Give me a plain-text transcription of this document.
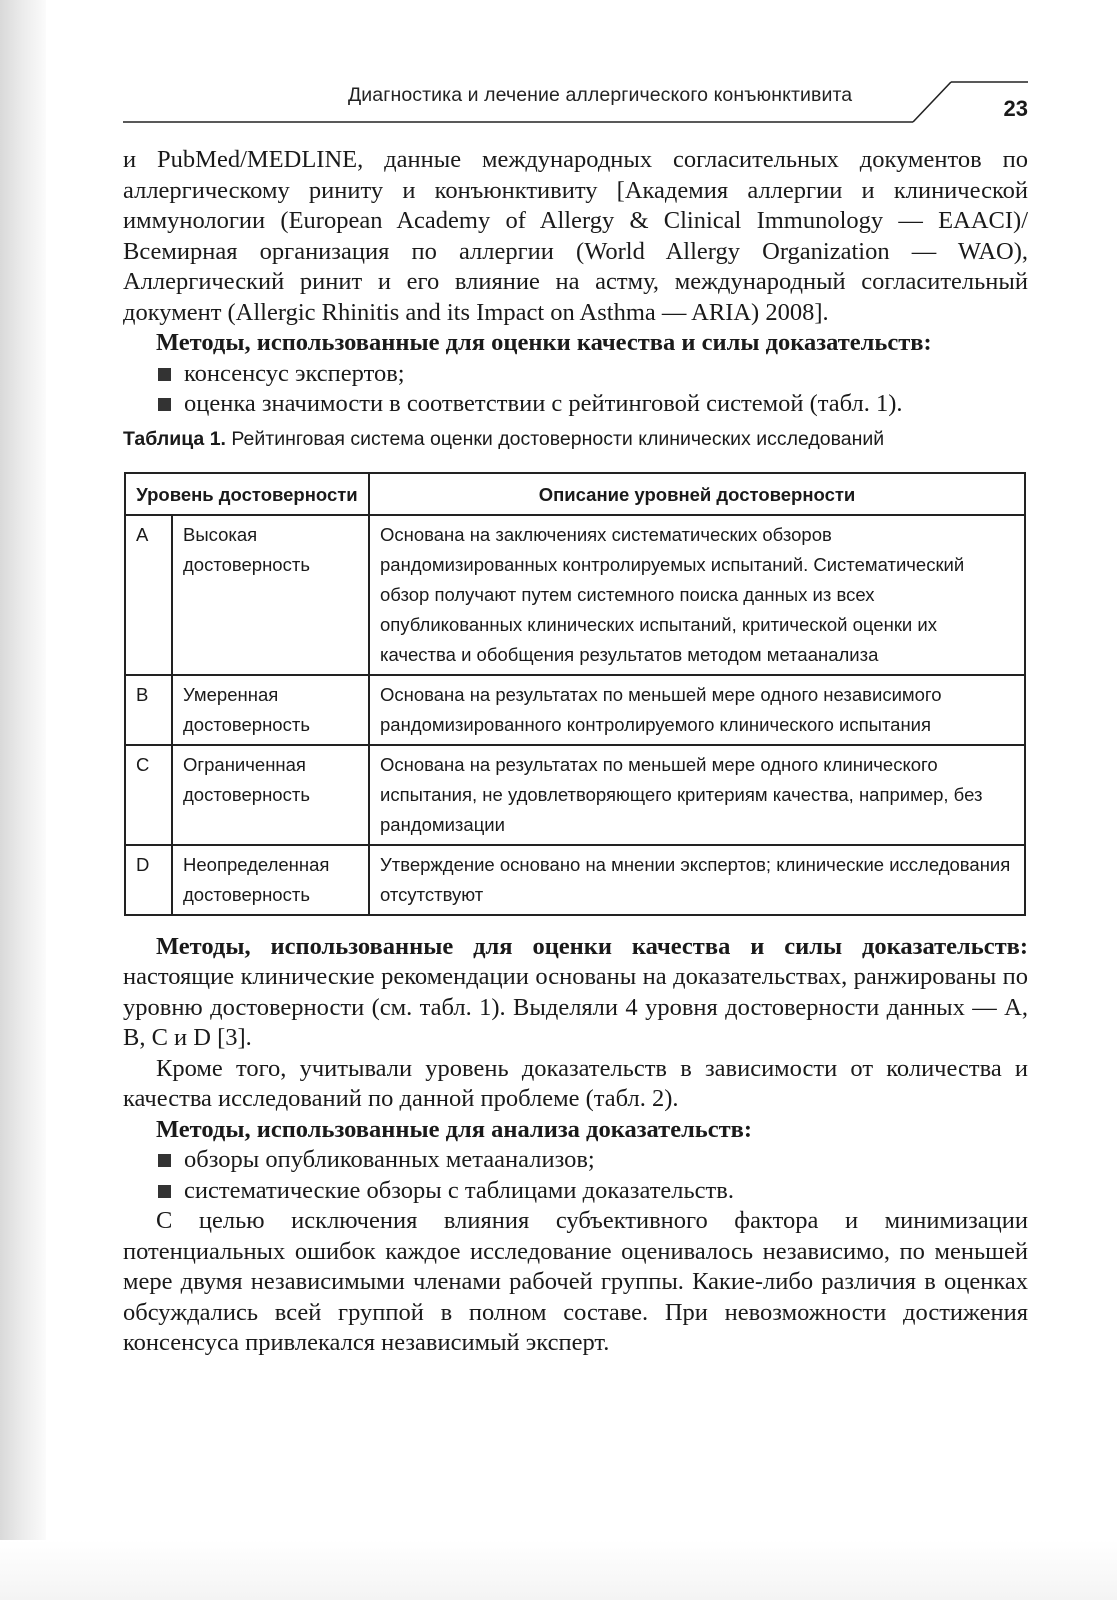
Диагностика и лечение аллергического конъюнктивита
23

и PubMed/MEDLINE, данные международных согласительных документов по аллергическому риниту и конъюнктивиту [Академия аллергии и клинической иммунологии (European Academy of Allergy & Clinical Immunology — EAACI)/Всемирная организация по аллергии (World Allergy Organization — WAO), Аллергический ринит и его влияние на астму, международный согласительный документ (Allergic Rhinitis and its Impact on Asthma — ARIA) 2008].

Методы, использованные для оценки качества и силы доказательств:

консенсус экспертов;
оценка значимости в соответствии с рейтинговой системой (табл. 1).
Таблица 1. Рейтинговая система оценки достоверности клинических исследований
Уровень достоверности		Описание уровней достоверности
A	Высокая достоверность	Основана на заключениях систематических обзоров рандомизированных контролируемых испытаний. Систематический обзор получают путем системного поиска данных из всех опубликованных клинических испытаний, критической оценки их качества и обобщения результатов методом метаанализа
B	Умеренная достоверность	Основана на результатах по меньшей мере одного независимого рандомизированного контролируемого клинического испытания
C	Ограниченная достоверность	Основана на результатах по меньшей мере одного клинического испытания, не удовлетворяющего критериям качества, например, без рандомизации
D	Неопределенная достоверность	Утверждение основано на мнении экспертов; клинические исследования отсутствуют

Методы, использованные для оценки качества и силы доказательств: настоящие клинические рекомендации основаны на доказательствах, ранжированы по уровню достоверности (см. табл. 1). Выделяли 4 уровня достоверности данных — A, B, C и D [3].

Кроме того, учитывали уровень доказательств в зависимости от количества и качества исследований по данной проблеме (табл. 2).

Методы, использованные для анализа доказательств:

обзоры опубликованных метаанализов;
систематические обзоры с таблицами доказательств.

С целью исключения влияния субъективного фактора и минимизации потенциальных ошибок каждое исследование оценивалось независимо, по меньшей мере двумя независимыми членами рабочей группы. Какие-либо различия в оценках обсуждались всей группой в полном составе. При невозможности достижения консенсуса привлекался независимый эксперт.
